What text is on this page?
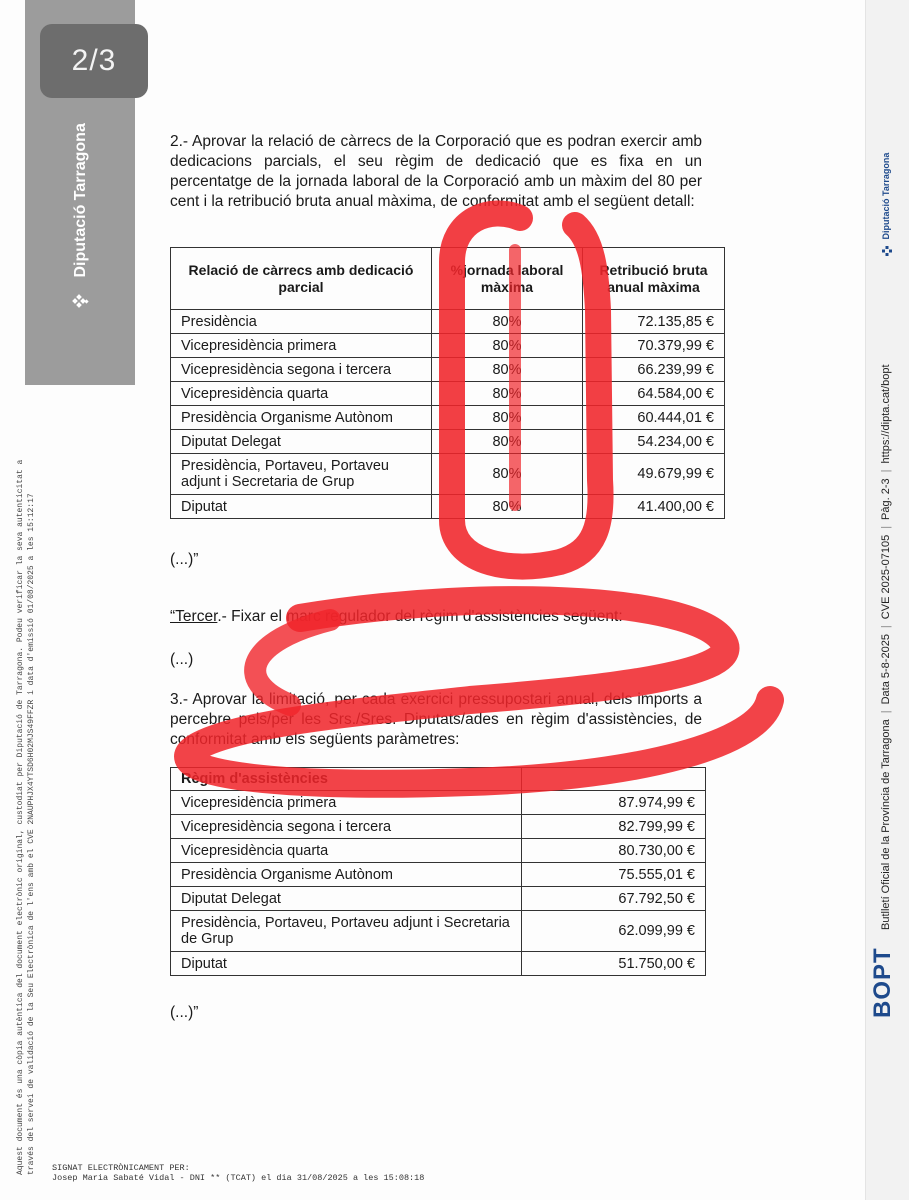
Diputació Tarragona
2/3
Aquest document és una còpia autèntica del document electrònic original, custodiat per Diputació de Tarragona. Podeu verificar la seva autenticitat a través del servei de validació de la Seu Electrònica de l'ens amb el CVE 2NAUPHJX4YTSD6H02MJS49FFZR i data d'emissió 01/08/2025 a les 15:12:17
2.- Aprovar la relació de càrrecs de la Corporació que es podran exercir amb dedicacions parcials, el seu règim de dedicació que es fixa en un percentatge de la jornada laboral de la Corporació amb un màxim del 80 per cent i la retribució bruta anual màxima, de conformitat amb el següent detall:
Relació de càrrecs amb dedicació parcial	%jornada laboral màxima	Retribució bruta anual màxima
Presidència	80%	72.135,85 €
Vicepresidència primera	80%	70.379,99 €
Vicepresidència segona i tercera	80%	66.239,99 €
Vicepresidència quarta	80%	64.584,00 €
Presidència Organisme Autònom	80%	60.444,01 €
Diputat Delegat	80%	54.234,00 €
Presidència, Portaveu, Portaveu adjunt i Secretaria de Grup	80%	49.679,99 €
Diputat	80%	41.400,00 €
(...)”
“Tercer.- Fixar el marc regulador del règim d'assistències següent:
(...)
3.- Aprovar la limitació, per cada exercici pressupostari anual, dels imports a percebre pels/per les Srs./Sres. Diputats/ades en règim d'assistències, de conformitat amb els següents paràmetres:
Règim d'assistències	
Vicepresidència primera	87.974,99 €
Vicepresidència segona i tercera	82.799,99 €
Vicepresidència quarta	80.730,00 €
Presidència Organisme Autònom	75.555,01 €
Diputat Delegat	67.792,50 €
Presidència, Portaveu, Portaveu adjunt i Secretaria de Grup	62.099,99 €
Diputat	51.750,00 €
(...)”
SIGNAT ELECTRÒNICAMENT PER:
Josep Maria Sabaté Vidal - DNI ** (TCAT) el dia 31/08/2025 a les 15:08:18
BOPT
Butlletí Oficial de la Província de Tarragona|Data 5-8-2025|CVE 2025-07105|Pàg. 2-3|https://dipta.cat/bopt
Diputació Tarragona
